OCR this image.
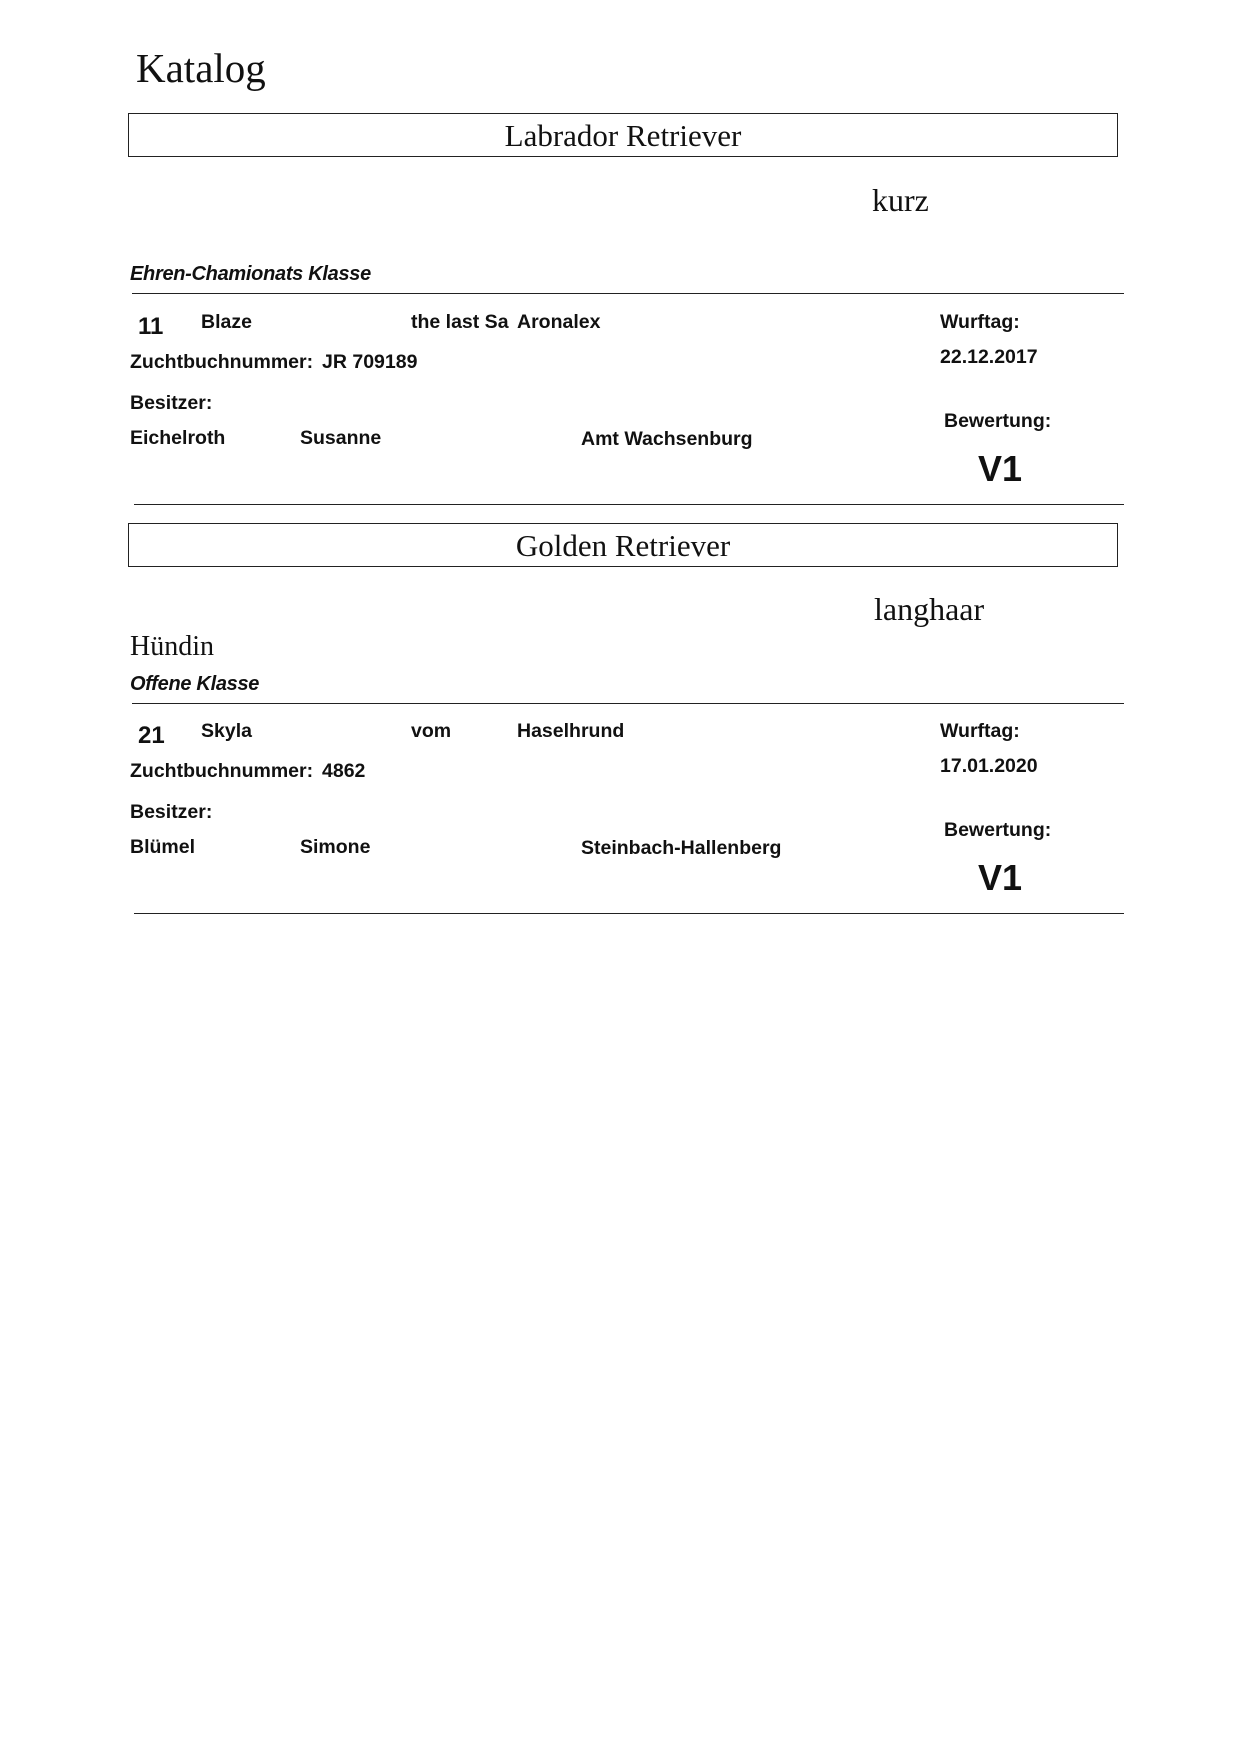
Katalog
Labrador Retriever
kurz
Ehren-Chamionats Klasse
11 Blaze	the last Sa Aronalex	Wurftag:
Zuchtbuchnummer: JR 709189	22.12.2017
Besitzer:
Bewertung:
Eichelroth	Susanne	Amt Wachsenburg
V1
Golden Retriever
langhaar
Hündin
Offene Klasse
21 Skyla	vom	Haselhrund	Wurftag:
Zuchtbuchnummer: 4862	17.01.2020
Besitzer:
Bewertung:
Blümel	Simone	Steinbach-Hallenberg
V1
